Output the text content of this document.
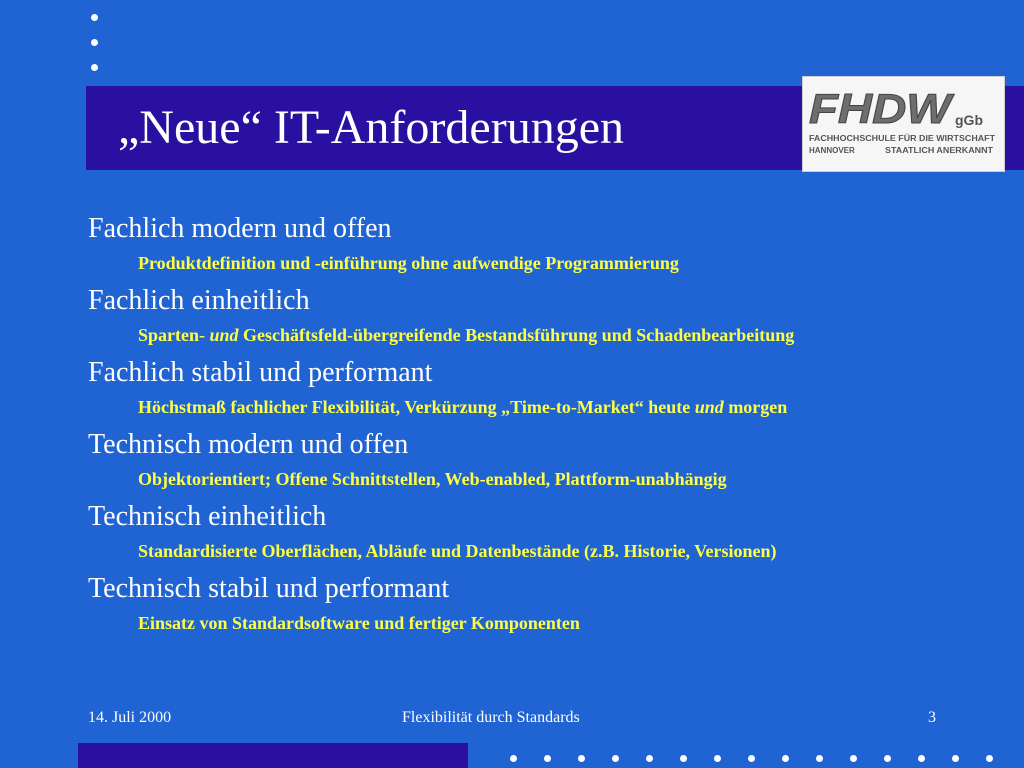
„Neue“ IT-Anforderungen	FHDW gGb
FACHHOCHSCHULE FÜR DIE WIRTSCHAFT
HANNOVER	STAATLICH ANERKANNT
Fachlich modern und offen
Produktdefinition und -einführung ohne aufwendige Programmierung
Fachlich einheitlich
Sparten- und Geschäftsfeld-übergreifende Bestandsführung und Schadenbearbeitung
Fachlich stabil und performant
Höchstmaß fachlicher Flexibilität, Verkürzung „Time-to-Market“ heute und morgen
Technisch modern und offen
Objektorientiert; Offene Schnittstellen, Web-enabled, Plattform-unabhängig
Technisch einheitlich
Standardisierte Oberflächen, Abläufe und Datenbestände (z.B. Historie, Versionen)
Technisch stabil und performant
Einsatz von Standardsoftware und fertiger Komponenten
14. Juli 2000	Flexibilität durch Standards	3
